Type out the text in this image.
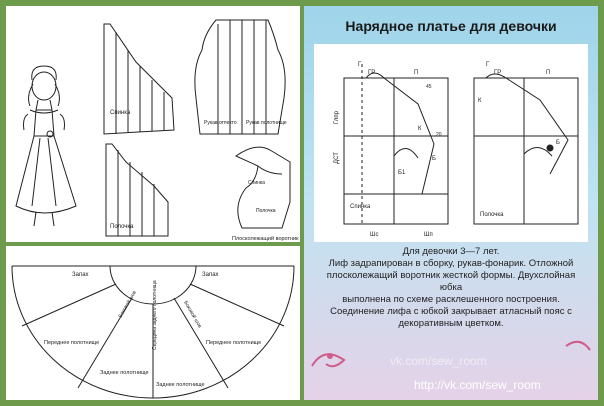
Спинка
Рукав отпекто Рукав полотнище
Полочка
Спинка
Полочка
Плосколежащий воротник
Запах
Боковой шов	Середина заднего полотнища	Боковой шов
Запах
Переднее полотнище	Переднее полотнище
Заднее полотнище
Заднее полотнище
Нарядное платье для девочки
Г
ГР	П
К
Б
Б1
ДСТ
Глпр
Спинка
Полочка
Г
ГР	П
К
Б
Шс	Шп
45
20
Для девочки 3—7 лет.
Лиф задрапирован в сборку, рукав-фонарик. Отложной
плосколежащий воротник жесткой формы. Двухслойная юбка
выполнена по схеме расклешенного построения.
Соединение лифа с юбкой закрывает атласный пояс с
декоративным цветком.
vk.com/sew_room
http://vk.com/sew_room
